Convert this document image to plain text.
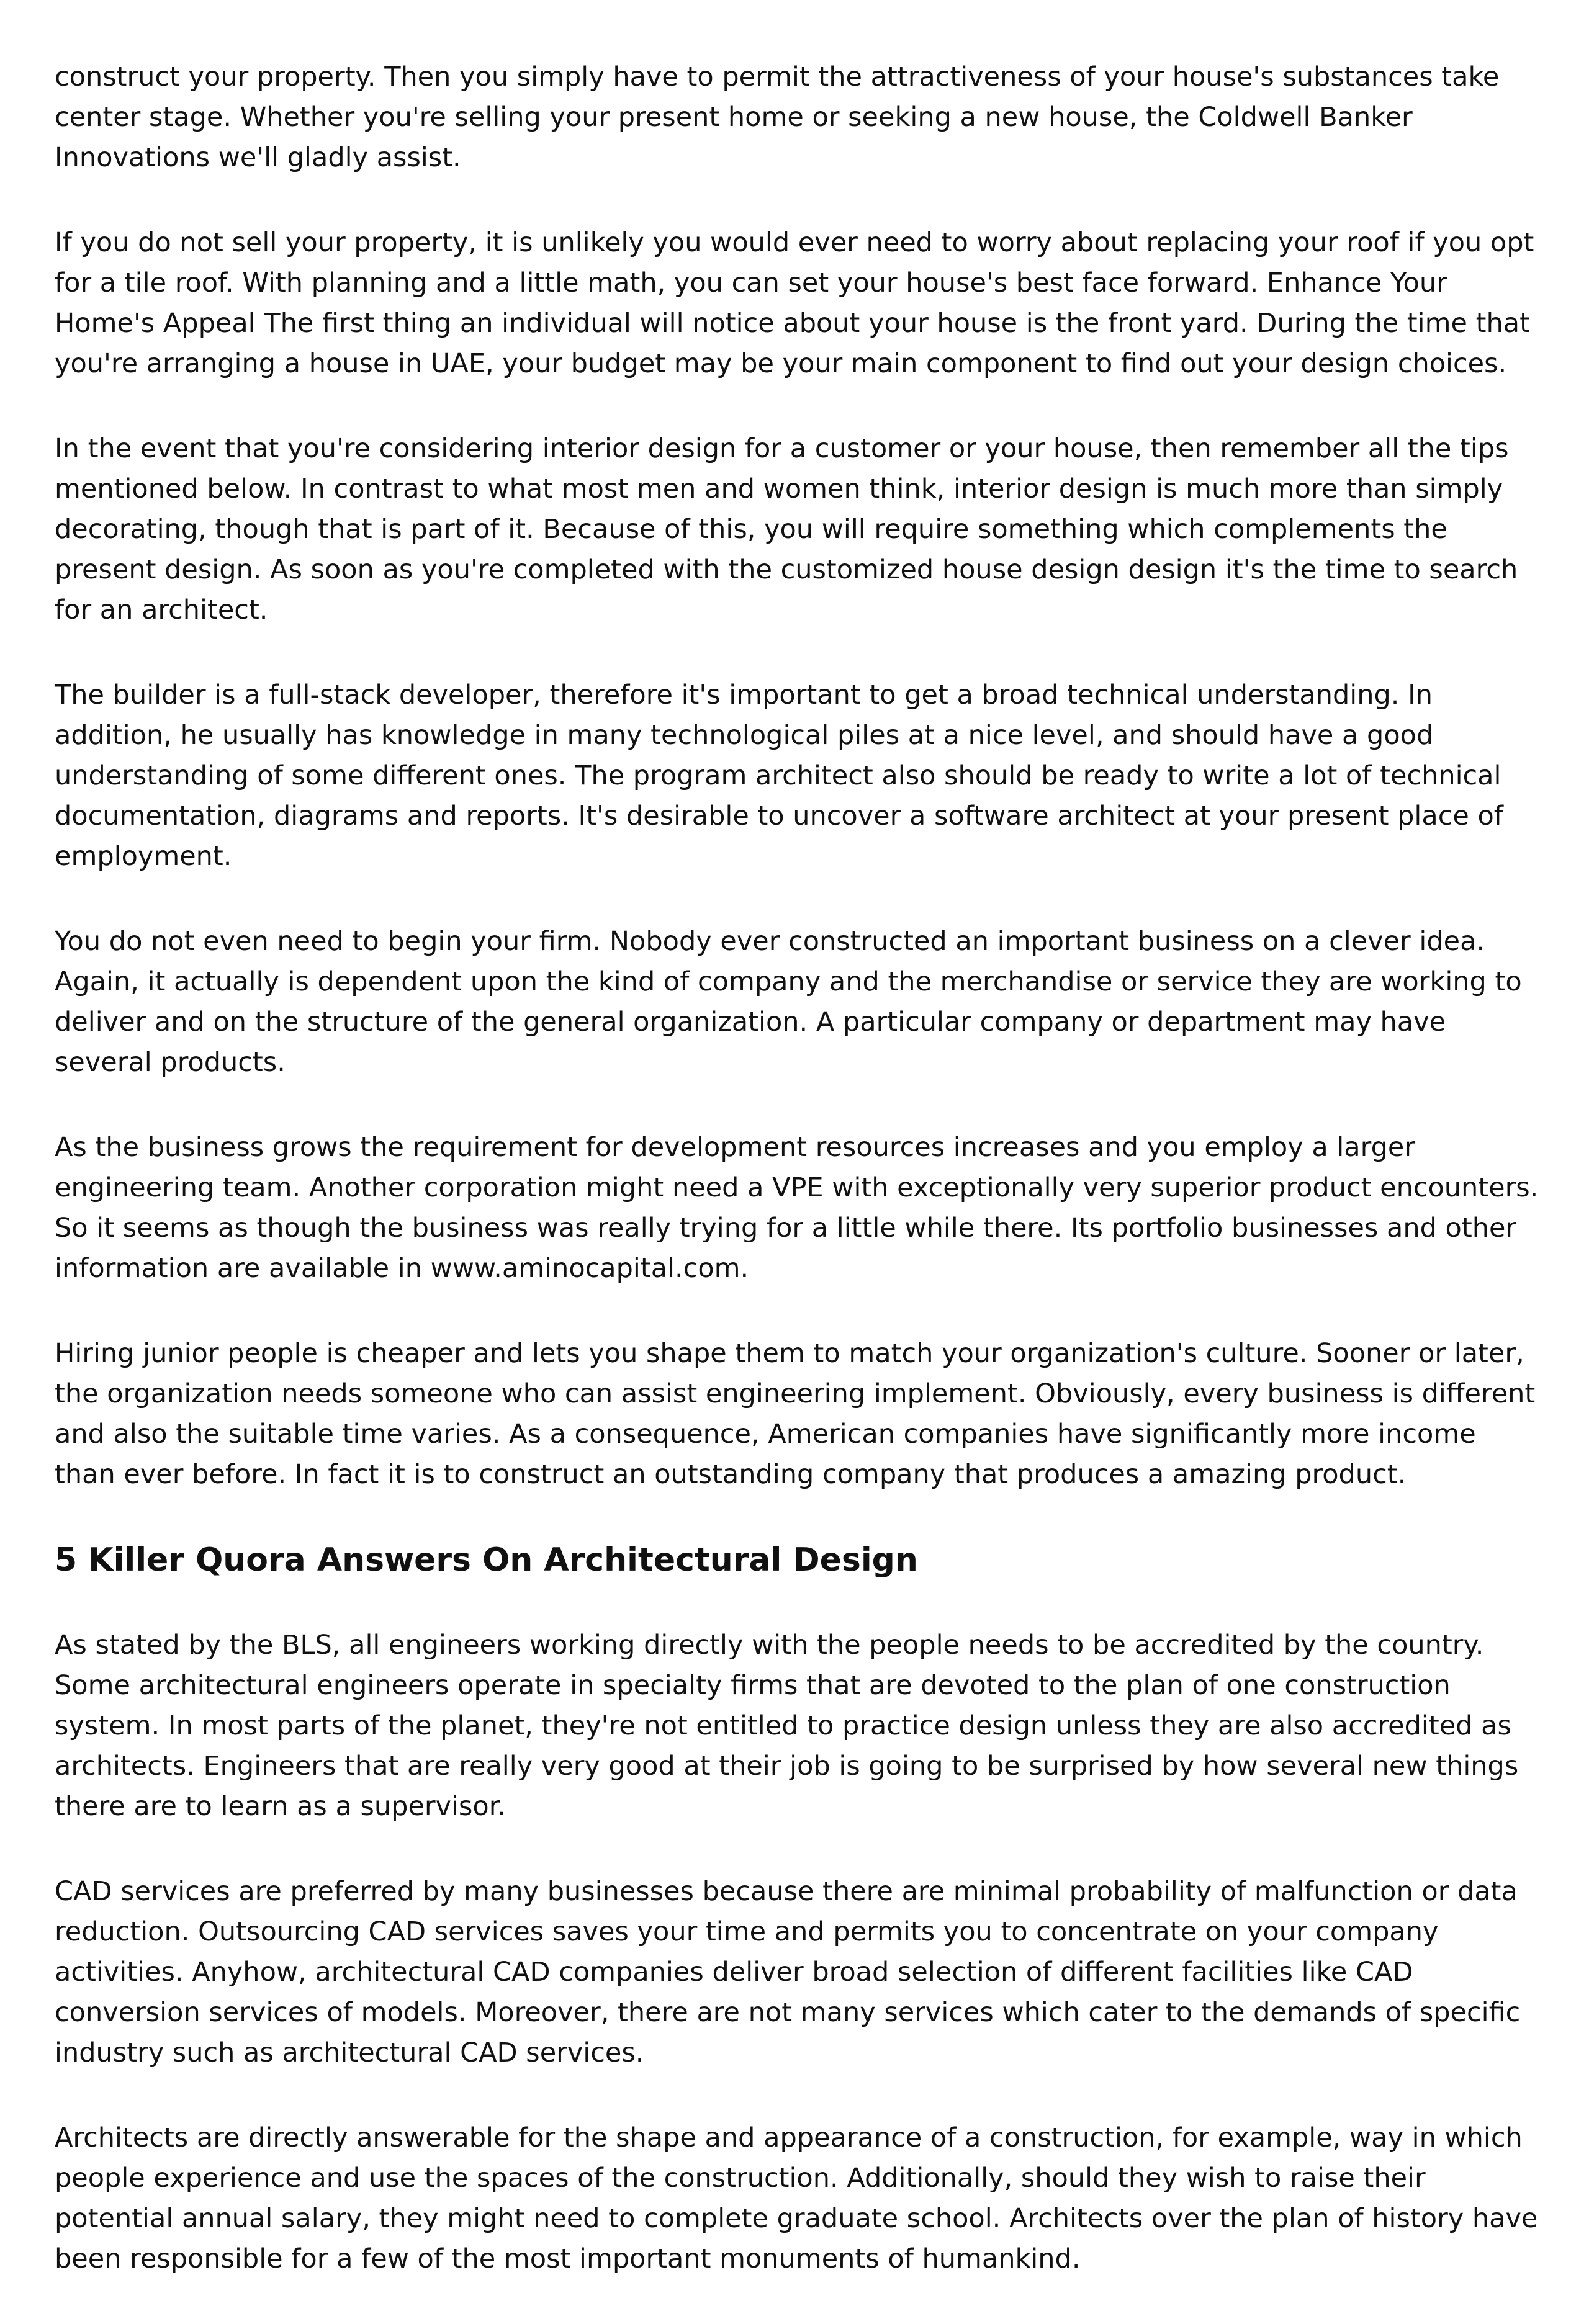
construct your property. Then you simply have to permit the attractiveness of your house's substances take center stage. Whether you're selling your present home or seeking a new house, the Coldwell Banker Innovations we'll gladly assist.

If you do not sell your property, it is unlikely you would ever need to worry about replacing your roof if you opt for a tile roof. With planning and a little math, you can set your house's best face forward. Enhance Your Home's Appeal The first thing an individual will notice about your house is the front yard. During the time that you're arranging a house in UAE, your budget may be your main component to find out your design choices.

In the event that you're considering interior design for a customer or your house, then remember all the tips mentioned below. In contrast to what most men and women think, interior design is much more than simply decorating, though that is part of it. Because of this, you will require something which complements the present design. As soon as you're completed with the customized house design design it's the time to search for an architect.

The builder is a full-stack developer, therefore it's important to get a broad technical understanding. In addition, he usually has knowledge in many technological piles at a nice level, and should have a good understanding of some different ones. The program architect also should be ready to write a lot of technical documentation, diagrams and reports. It's desirable to uncover a software architect at your present place of employment.

You do not even need to begin your firm. Nobody ever constructed an important business on a clever idea. Again, it actually is dependent upon the kind of company and the merchandise or service they are working to deliver and on the structure of the general organization. A particular company or department may have several products.

As the business grows the requirement for development resources increases and you employ a larger engineering team. Another corporation might need a VPE with exceptionally very superior product encounters. So it seems as though the business was really trying for a little while there. Its portfolio businesses and other information are available in www.aminocapital.com.

Hiring junior people is cheaper and lets you shape them to match your organization's culture. Sooner or later, the organization needs someone who can assist engineering implement. Obviously, every business is different and also the suitable time varies. As a consequence, American companies have significantly more income than ever before. In fact it is to construct an outstanding company that produces a amazing product.

5 Killer Quora Answers On Architectural Design

As stated by the BLS, all engineers working directly with the people needs to be accredited by the country. Some architectural engineers operate in specialty firms that are devoted to the plan of one construction system. In most parts of the planet, they're not entitled to practice design unless they are also accredited as architects. Engineers that are really very good at their job is going to be surprised by how several new things there are to learn as a supervisor.

CAD services are preferred by many businesses because there are minimal probability of malfunction or data reduction. Outsourcing CAD services saves your time and permits you to concentrate on your company activities. Anyhow, architectural CAD companies deliver broad selection of different facilities like CAD conversion services of models. Moreover, there are not many services which cater to the demands of specific industry such as architectural CAD services.

Architects are directly answerable for the shape and appearance of a construction, for example, way in which people experience and use the spaces of the construction. Additionally, should they wish to raise their potential annual salary, they might need to complete graduate school. Architects over the plan of history have been responsible for a few of the most important monuments of humankind.
